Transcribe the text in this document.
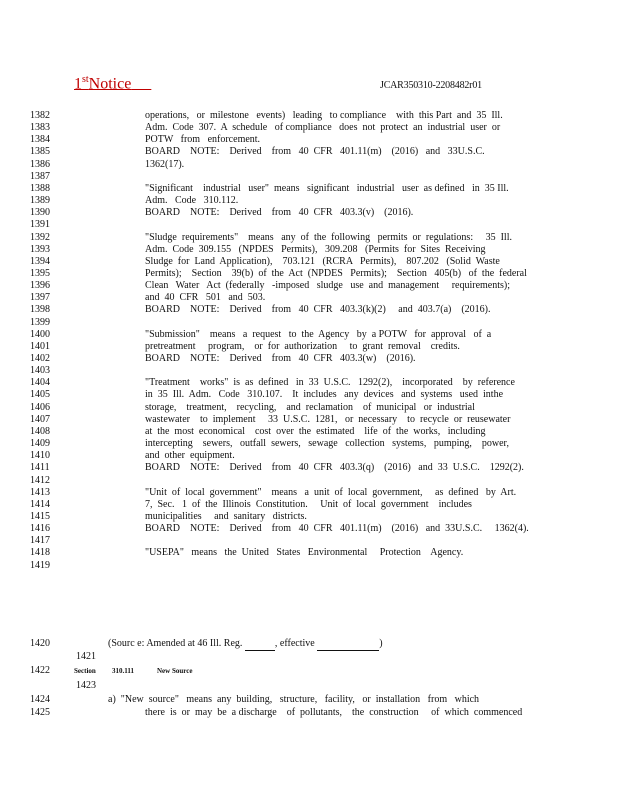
1stNotice	JCAR350310-2208482r01
1382	operations,   or  milestone   events)   leading   to compliance    with  this Part  and  35  Ill.
1383	Adm.  Code  307.  A  schedule   of compliance   does  not  protect  an  industrial  user  or
1384	POTW   from   enforcement.
1385	BOARD    NOTE:    Derived    from   40  CFR   401.11(m)    (2016)   and   33U.S.C.
1386	1362(17).
1387
1388	"Significant    industrial   user"  means   significant   industrial   user  as defined   in  35 Ill.
1389	Adm.   Code   310.112.
1390	BOARD    NOTE:    Derived    from   40  CFR   403.3(v)    (2016).
1391
1392	"Sludge  requirements"    means   any  of  the  following   permits  or  regulations:     35  Ill.
1393	Adm.  Code  309.155   (NPDES   Permits),   309.208   (Permits  for  Sites  Receiving
1394	Sludge  for  Land  Application),    703.121   (RCRA   Permits),    807.202   (Solid  Waste
1395	Permits);    Section    39(b)  of  the  Act  (NPDES   Permits);    Section   405(b)   of  the  federal
1396	Clean   Water   Act  (federally   -imposed   sludge   use  and  management     requirements);
1397	and  40  CFR   501   and  503.
1398	BOARD    NOTE:    Derived    from   40  CFR   403.3(k)(2)     and  403.7(a)    (2016).
1399
1400	"Submission"    means   a  request   to  the  Agency   by  a POTW   for  approval   of  a
1401	pretreatment     program,    or  for  authorization     to  grant  removal    credits.
1402	BOARD    NOTE:    Derived    from   40  CFR   403.3(w)    (2016).
1403
1404	"Treatment    works"  is  as  defined   in  33  U.S.C.   1292(2),    incorporated    by  reference
1405	in  35  Ill.  Adm.   Code   310.107.    It  includes   any  devices   and  systems   used  inthe
1406	storage,    treatment,    recycling,    and  reclamation    of  municipal   or  industrial
1407	wastewater    to  implement     33  U.S.C.  1281,   or  necessary    to  recycle  or  reusewater
1408	at  the  most  economical    cost  over  the  estimated    life  of  the  works,   including
1409	intercepting    sewers,   outfall  sewers,   sewage   collection   systems,   pumping,    power,
1410	and  other  equipment.
1411	BOARD    NOTE:    Derived    from   40  CFR   403.3(q)    (2016)   and  33  U.S.C.    1292(2).
1412
1413	"Unit  of  local  government"    means   a  unit  of  local  government,     as  defined   by  Art.
1414	7,  Sec.   1  of  the  Illinois  Constitution.     Unit  of  local  government    includes
1415	municipalities     and  sanitary   districts.
1416	BOARD    NOTE:    Derived    from   40  CFR   401.11(m)    (2016)   and  33U.S.C.     1362(4).
1417
1418	"USEPA"   means   the  United   States   Environmental     Protection    Agency.
1419
1420	(Sourc e: Amended at 46 Ill. Reg.	, effective	)
1421
1422	Section 310.111	New Source
1423
1424	a)  "New  source"   means  any  building,   structure,   facility,   or  installation   from   which
1425	there  is  or  may  be  a discharge    of  pollutants,    the  construction     of  which  commenced
